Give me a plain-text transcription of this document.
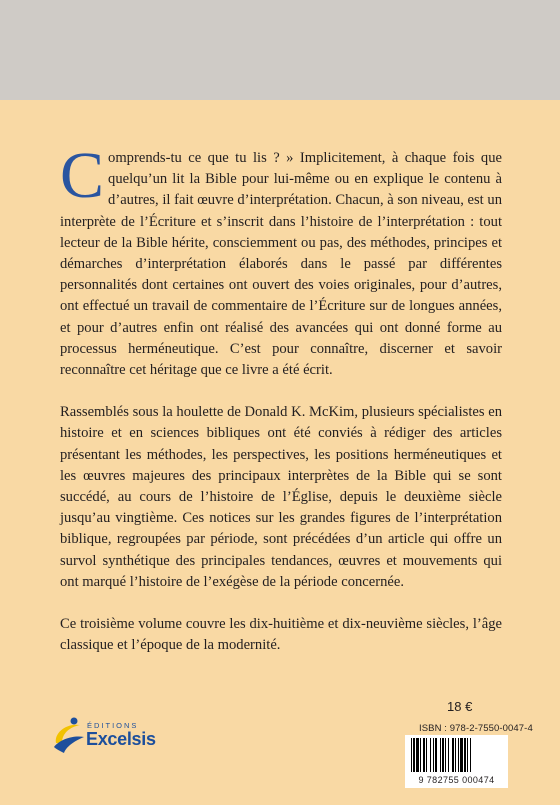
Comprends-tu ce que tu lis ? » Implicitement, à chaque fois que quelqu’un lit la Bible pour lui-même ou en explique le contenu à d’autres, il fait œuvre d’interprétation. Chacun, à son niveau, est un interprète de l’Écriture et s’inscrit dans l’histoire de l’interprétation : tout lecteur de la Bible hérite, consciemment ou pas, des méthodes, principes et démarches d’interprétation élaborés dans le passé par différentes personnalités dont certaines ont ouvert des voies originales, pour d’autres, ont effectué un travail de commentaire de l’Écriture sur de longues années, et pour d’autres enfin ont réalisé des avancées qui ont donné forme au processus herméneutique. C’est pour connaître, discerner et savoir reconnaître cet héritage que ce livre a été écrit.

Rassemblés sous la houlette de Donald K. McKim, plusieurs spécialistes en histoire et en sciences bibliques ont été conviés à rédiger des articles présentant les méthodes, les perspectives, les positions herméneutiques et les œuvres majeures des principaux interprètes de la Bible qui se sont succédé, au cours de l’histoire de l’Église, depuis le deuxième siècle jusqu’au vingtième. Ces notices sur les grandes figures de l’interprétation biblique, regroupées par période, sont précédées d’un article qui offre un survol synthétique des principales tendances, œuvres et mouvements qui ont marqué l’histoire de l’exégèse de la période concernée.

Ce troisième volume couvre les dix-huitième et dix-neuvième siècles, l’âge classique et l’époque de la modernité.

ÉDITIONS
Excelsis
18 €
ISBN : 978-2-7550-0047-4
9 782755 000474
